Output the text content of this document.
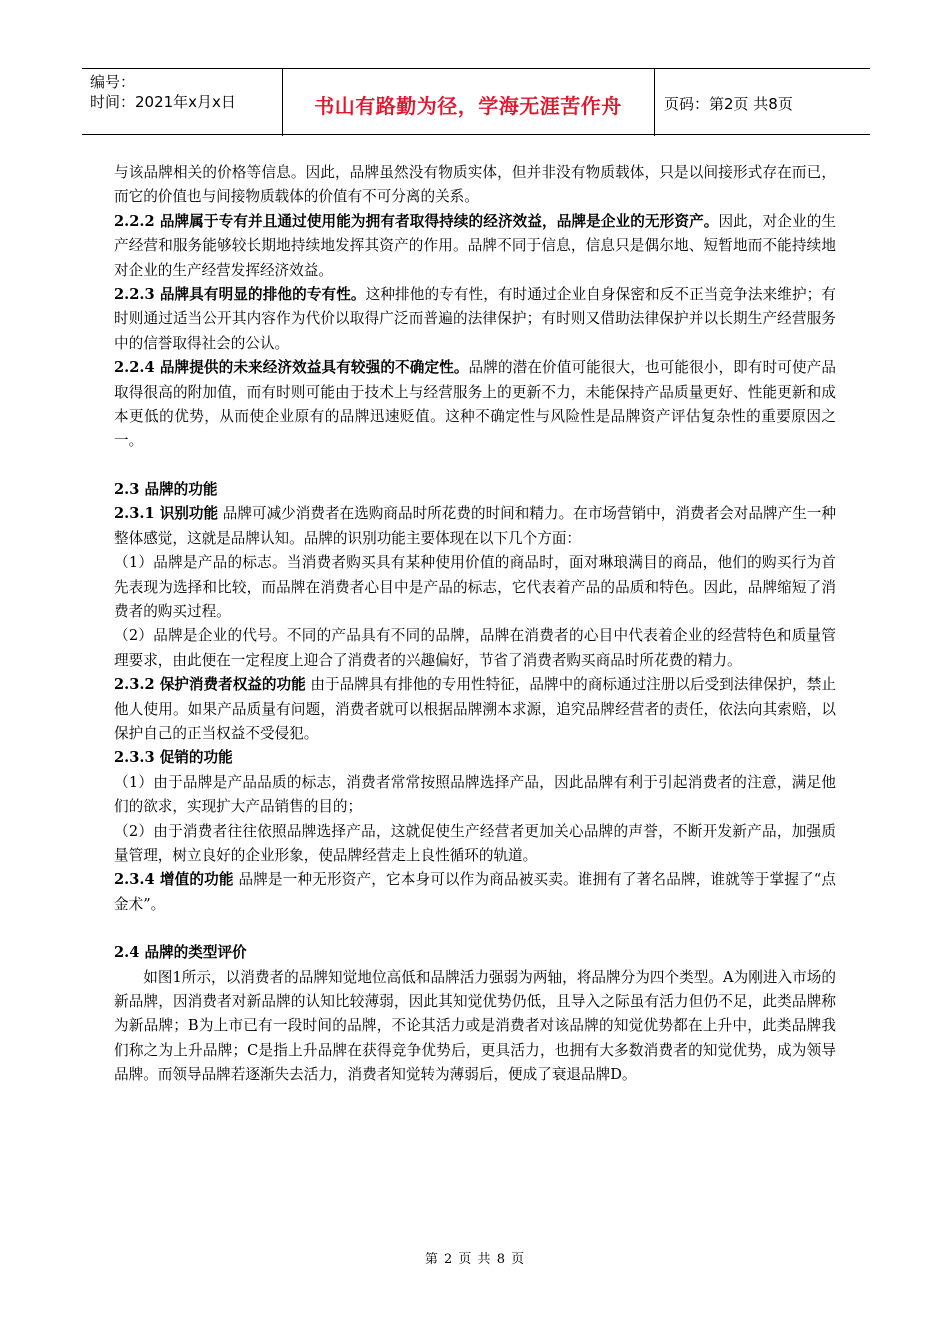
编号：
时间：2021年x月x日	书山有路勤为径，学海无涯苦作舟	页码：第2页 共8页

与该品牌相关的价格等信息。因此，品牌虽然没有物质实体，但并非没有物质载体，只是以间接形式存在而已，而它的价值也与间接物质载体的价值有不可分离的关系。

2.2.2 品牌属于专有并且通过使用能为拥有者取得持续的经济效益，品牌是企业的无形资产。因此，对企业的生产经营和服务能够较长期地持续地发挥其资产的作用。品牌不同于信息，信息只是偶尔地、短暂地而不能持续地对企业的生产经营发挥经济效益。

2.2.3 品牌具有明显的排他的专有性。这种排他的专有性，有时通过企业自身保密和反不正当竞争法来维护；有时则通过适当公开其内容作为代价以取得广泛而普遍的法律保护；有时则又借助法律保护并以长期生产经营服务中的信誉取得社会的公认。

2.2.4 品牌提供的未来经济效益具有较强的不确定性。品牌的潜在价值可能很大，也可能很小，即有时可使产品取得很高的附加值，而有时则可能由于技术上与经营服务上的更新不力，未能保持产品质量更好、性能更新和成本更低的优势，从而使企业原有的品牌迅速贬值。这种不确定性与风险性是品牌资产评估复杂性的重要原因之一。

2.3 品牌的功能

2.3.1 识别功能 品牌可减少消费者在选购商品时所花费的时间和精力。在市场营销中，消费者会对品牌产生一种整体感觉，这就是品牌认知。品牌的识别功能主要体现在以下几个方面：

（1）品牌是产品的标志。当消费者购买具有某种使用价值的商品时，面对琳琅满目的商品，他们的购买行为首先表现为选择和比较，而品牌在消费者心目中是产品的标志，它代表着产品的品质和特色。因此，品牌缩短了消费者的购买过程。

（2）品牌是企业的代号。不同的产品具有不同的品牌，品牌在消费者的心目中代表着企业的经营特色和质量管理要求，由此便在一定程度上迎合了消费者的兴趣偏好，节省了消费者购买商品时所花费的精力。

2.3.2 保护消费者权益的功能 由于品牌具有排他的专用性特征，品牌中的商标通过注册以后受到法律保护，禁止他人使用。如果产品质量有问题，消费者就可以根据品牌溯本求源，追究品牌经营者的责任，依法向其索赔，以保护自己的正当权益不受侵犯。

2.3.3 促销的功能

（1）由于品牌是产品品质的标志，消费者常常按照品牌选择产品，因此品牌有利于引起消费者的注意，满足他们的欲求，实现扩大产品销售的目的；

（2）由于消费者往往依照品牌选择产品，这就促使生产经营者更加关心品牌的声誉，不断开发新产品，加强质量管理，树立良好的企业形象，使品牌经营走上良性循环的轨道。

2.3.4 增值的功能 品牌是一种无形资产，它本身可以作为商品被买卖。谁拥有了著名品牌，谁就等于掌握了“点金术”。

2.4 品牌的类型评价

如图1所示，以消费者的品牌知觉地位高低和品牌活力强弱为两轴，将品牌分为四个类型。A为刚进入市场的新品牌，因消费者对新品牌的认知比较薄弱，因此其知觉优势仍低，且导入之际虽有活力但仍不足，此类品牌称为新品牌；B为上市已有一段时间的品牌，不论其活力或是消费者对该品牌的知觉优势都在上升中，此类品牌我们称之为上升品牌；C是指上升品牌在获得竞争优势后，更具活力，也拥有大多数消费者的知觉优势，成为领导品牌。而领导品牌若逐渐失去活力，消费者知觉转为薄弱后，便成了衰退品牌D。

第 2 页 共 8 页
